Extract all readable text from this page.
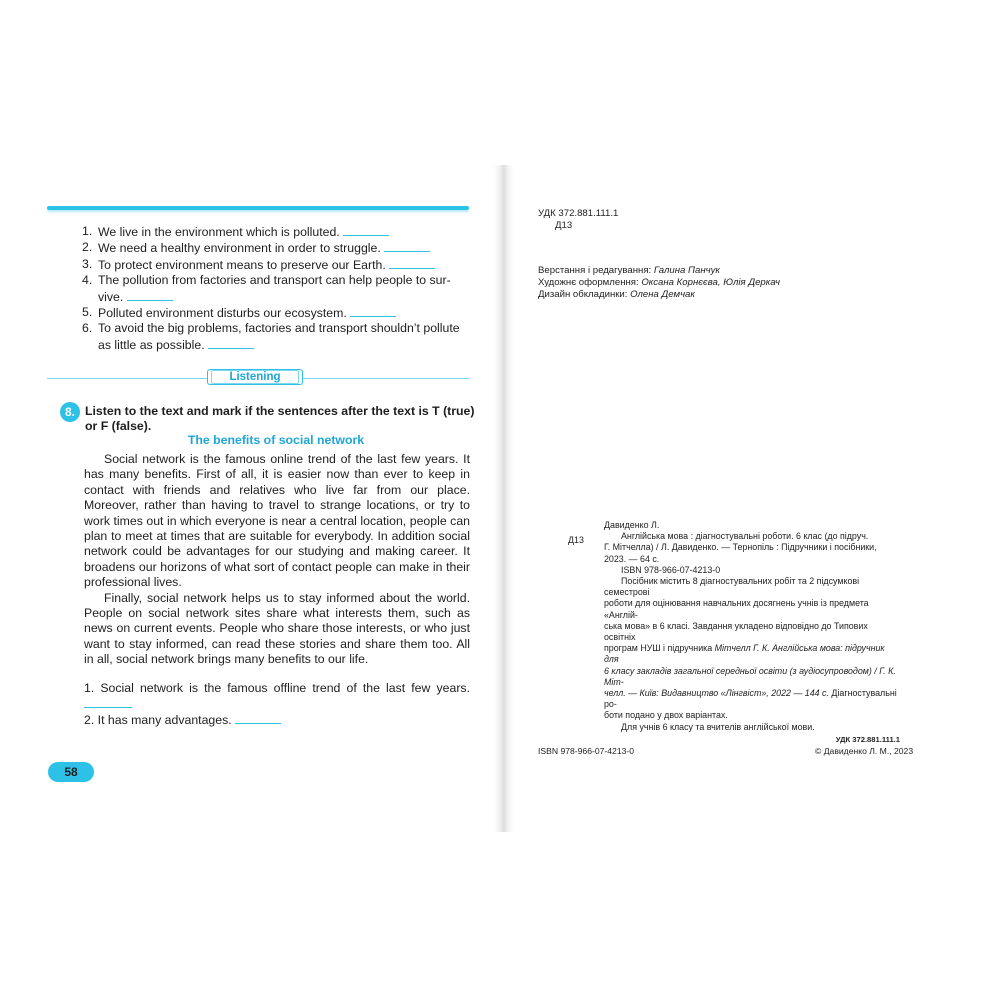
1. We live in the environment which is polluted.
2. We need a healthy environment in order to struggle.
3. To protect environment means to preserve our Earth.
4. The pollution from factories and transport can help people to sur-
vive.
5. Polluted environment disturbs our ecosystem.
6. To avoid the big problems, factories and transport shouldn’t pollute
as little as possible.
Listening
8. Listen to the text and mark if the sentences after the text is T (true)
or F (false).
The benefits of social network

Social network is the famous online trend of the last few years. It has many benefits. First of all, it is easier now than ever to keep in contact with friends and relatives who live far from our place. Moreover, rather than having to travel to strange locations, or try to work times out in which everyone is near a central location, people can plan to meet at times that are suitable for everybody. In addition social network could be advantages for our studying and making career. It broadens our horizons of what sort of contact people can make in their professional lives.

Finally, social network helps us to stay informed about the world. People on social network sites share what interests them, such as news on current events. People who share those interests, or who just want to stay informed, can read these stories and share them too. All in all, social network brings many benefits to our life.

1. Social network is the famous offline trend of the last few years.
2. It has many advantages.
58
УДК 372.881.111.1
Д13
Верстання і редагування: Галина Панчук
Художнє оформлення: Оксана Корнєєва, Юлія Деркач
Дизайн обкладинки: Олена Демчак
Д13
Давиденко Л.
Англійська мова : діагностувальні роботи. 6 клас (до підруч.
Г. Мітчелла) / Л. Давиденко. — Тернопіль : Підручники і посібники,
2023. — 64 с.
ISBN 978-966-07-4213-0
Посібник містить 8 діагностувальних робіт та 2 підсумкові семестрові
роботи для оцінювання навчальних досягнень учнів із предмета «Англій-
ська мова» в 6 класі. Завдання укладено відповідно до Типових освітніх
програм НУШ і підручника Мітчелл Г. К. Англійська мова: підручник для
6 класу закладів загальної середньої освіти (з аудіосупроводом) / Г. К. Міт-
челл. — Київ: Видавництво «Лінгвіст», 2022 — 144 с. Діагностувальні ро-
боти подано у двох варіантах.
Для учнів 6 класу та вчителів англійської мови.
УДК 372.881.111.1
ISBN 978-966-07-4213-0	© Давиденко Л. М., 2023
